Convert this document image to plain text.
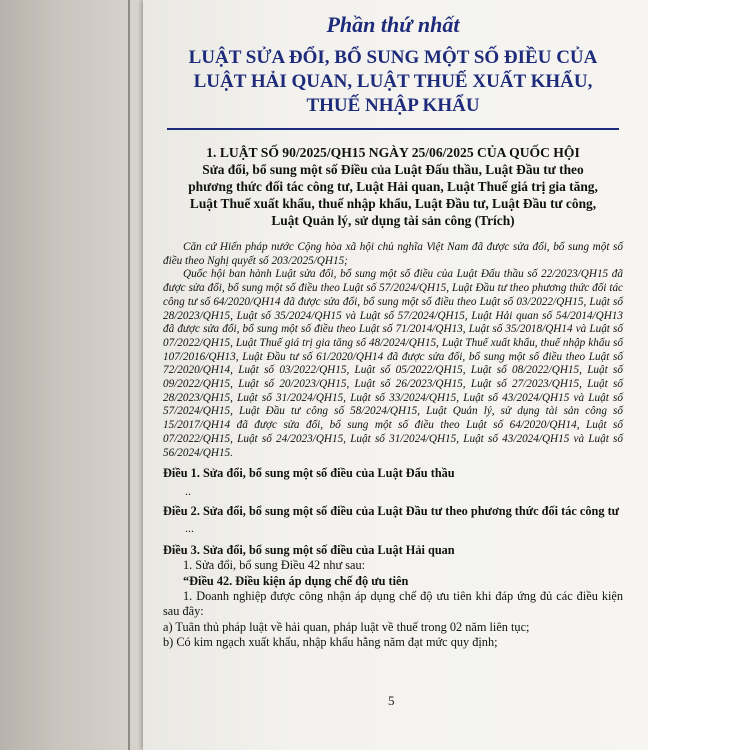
Phần thứ nhất
LUẬT SỬA ĐỔI, BỔ SUNG MỘT SỐ ĐIỀU CỦA
LUẬT HẢI QUAN, LUẬT THUẾ XUẤT KHẨU,
THUẾ NHẬP KHẨU
1. LUẬT SỐ 90/2025/QH15 NGÀY 25/06/2025 CỦA QUỐC HỘI
Sửa đổi, bổ sung một số Điều của Luật Đấu thầu, Luật Đầu tư theo
phương thức đối tác công tư, Luật Hải quan, Luật Thuế giá trị gia tăng,
Luật Thuế xuất khẩu, thuế nhập khẩu, Luật Đầu tư, Luật Đầu tư công,
Luật Quản lý, sử dụng tài sản công (Trích)

Căn cứ Hiến pháp nước Cộng hòa xã hội chủ nghĩa Việt Nam đã được sửa đổi, bổ sung một số điều theo Nghị quyết số 203/2025/QH15;

Quốc hội ban hành Luật sửa đổi, bổ sung một số điều của Luật Đấu thầu số 22/2023/QH15 đã được sửa đổi, bổ sung một số điều theo Luật số 57/2024/QH15, Luật Đầu tư theo phương thức đối tác công tư số 64/2020/QH14 đã được sửa đổi, bổ sung một số điều theo Luật số 03/2022/QH15, Luật số 28/2023/QH15, Luật số 35/2024/QH15 và Luật số 57/2024/QH15, Luật Hải quan số 54/2014/QH13 đã được sửa đổi, bổ sung một số điều theo Luật số 71/2014/QH13, Luật số 35/2018/QH14 và Luật số 07/2022/QH15, Luật Thuế giá trị gia tăng số 48/2024/QH15, Luật Thuế xuất khẩu, thuế nhập khẩu số 107/2016/QH13, Luật Đầu tư số 61/2020/QH14 đã được sửa đổi, bổ sung một số điều theo Luật số 72/2020/QH14, Luật số 03/2022/QH15, Luật số 05/2022/QH15, Luật số 08/2022/QH15, Luật số 09/2022/QH15, Luật số 20/2023/QH15, Luật số 26/2023/QH15, Luật số 27/2023/QH15, Luật số 28/2023/QH15, Luật số 31/2024/QH15, Luật số 33/2024/QH15, Luật số 43/2024/QH15 và Luật số 57/2024/QH15, Luật Đầu tư công số 58/2024/QH15, Luật Quản lý, sử dụng tài sản công số 15/2017/QH14 đã được sửa đổi, bổ sung một số điều theo Luật số 64/2020/QH14, Luật số 07/2022/QH15, Luật số 24/2023/QH15, Luật số 31/2024/QH15, Luật số 43/2024/QH15 và Luật số 56/2024/QH15.

Điều 1. Sửa đổi, bổ sung một số điều của Luật Đấu thầu
..
Điều 2. Sửa đổi, bổ sung một số điều của Luật Đầu tư theo phương thức đối tác công tư
...
Điều 3. Sửa đổi, bổ sung một số điều của Luật Hải quan
1. Sửa đổi, bổ sung Điều 42 như sau:
“Điều 42. Điều kiện áp dụng chế độ ưu tiên
1. Doanh nghiệp được công nhận áp dụng chế độ ưu tiên khi đáp ứng đủ các điều kiện sau đây:
a) Tuân thủ pháp luật về hải quan, pháp luật về thuế trong 02 năm liên tục;
b) Có kim ngạch xuất khẩu, nhập khẩu hằng năm đạt mức quy định;
5
